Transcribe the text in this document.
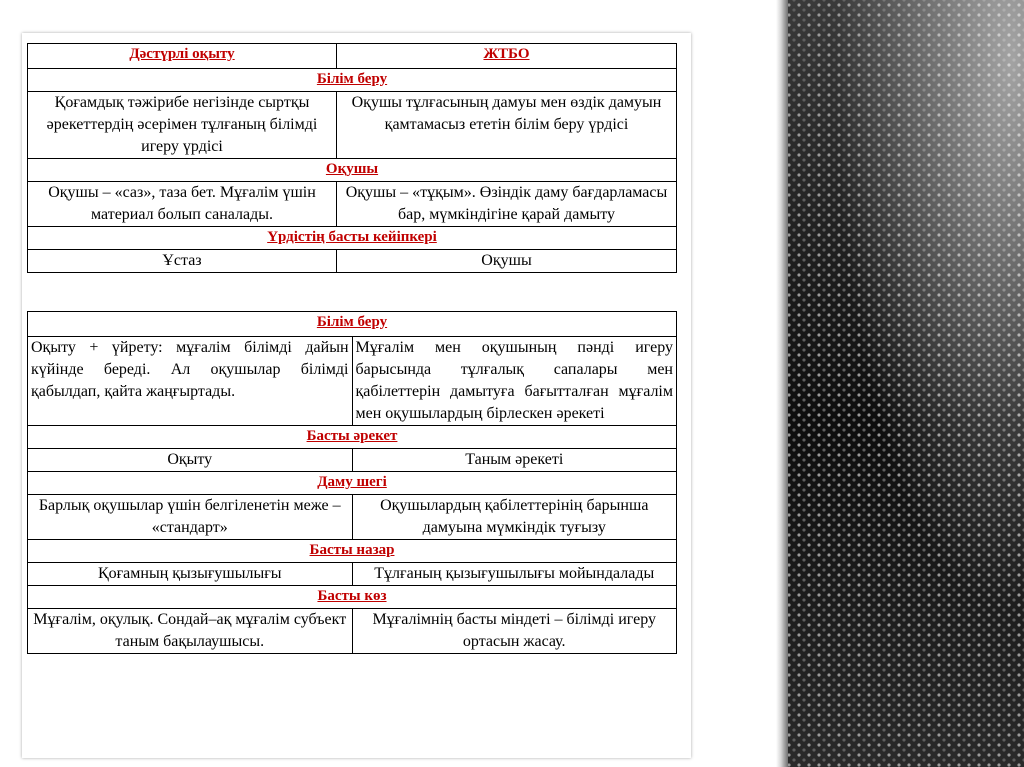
Дәстүрлі оқыту	ЖТБО
Білім беру	
Қоғамдық тәжірибе негізінде сыртқы әрекеттердің әсерімен тұлғаның білімді игеру үрдісі	Оқушы тұлғасының дамуы мен өздік дамуын қамтамасыз ететін білім беру үрдісі
Оқушы	
Оқушы – «саз», таза бет. Мұғалім үшін материал болып саналады.	Оқушы – «тұқым». Өзіндік даму бағдарламасы бар, мүмкіндігіне қарай дамыту
Үрдістің басты кейіпкері	
Ұстаз	Оқушы
Білім беру	
Оқыту + үйрету: мұғалім білімді дайын күйінде береді. Ал оқушылар білімді қабылдап, қайта жаңғыртады.	Мұғалім мен оқушының пәнді игеру барысында тұлғалық сапалары мен қабілеттерін дамытуға бағытталған мұғалім мен оқушылардың бірлескен әрекеті
Басты әрекет	
Оқыту	Таным әрекеті
Даму шегі	
Барлық оқушылар үшін белгіленетін меже – «стандарт»	Оқушылардың қабілеттерінің барынша дамуына мүмкіндік туғызу
Басты назар	
Қоғамның қызығушылығы	Тұлғаның қызығушылығы мойындалады
Басты көз	
Мұғалім, оқулық. Сондай–ақ мұғалім субъект таным бақылаушысы.	Мұғалімнің басты міндеті – білімді игеру ортасын жасау.
